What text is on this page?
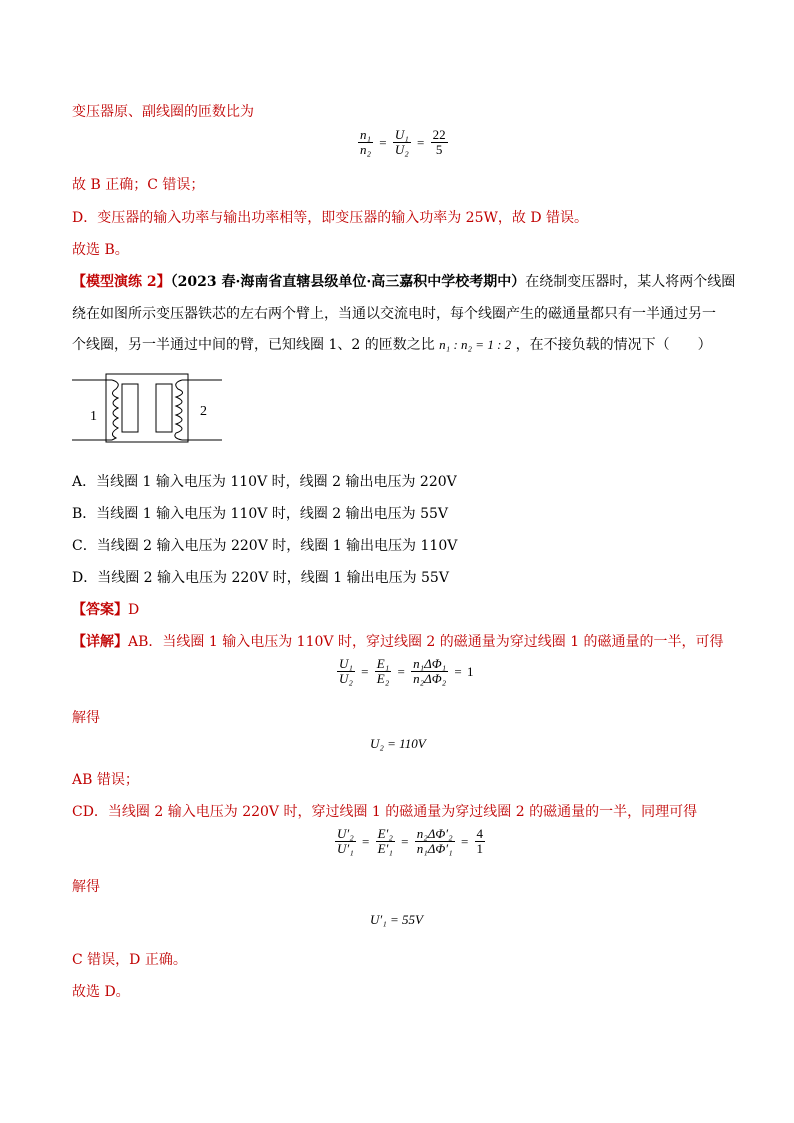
变压器原、副线圈的匝数比为
$\frac{\text{n₁}}{\text{n₂}} = \frac{\text{U₁}}{\text{U₂}} = \frac{22}{5}$
故 B 正确；C 错误；
D．变压器的输入功率与输出功率相等，即变压器的输入功率为 25W，故 D 错误。
故选 B。
【模型演练 2】（2023 春·海南省直辖县级单位·高三嘉积中学校考期中）在绕制变压器时，某人将两个线圈
绕在如图所示变压器铁芯的左右两个臂上，当通以交流电时，每个线圈产生的磁通量都只有一半通过另一
个线圈，另一半通过中间的臂，已知线圈 1、2 的匝数之比 n₁ : n₂ = 1 : 2 ，在不接负载的情况下（　　）
1	2
A．当线圈 1 输入电压为 110V 时，线圈 2 输出电压为 220V
B．当线圈 1 输入电压为 110V 时，线圈 2 输出电压为 55V
C．当线圈 2 输入电压为 220V 时，线圈 1 输出电压为 110V
D．当线圈 2 输入电压为 220V 时，线圈 1 输出电压为 55V
【答案】D
【详解】AB．当线圈 1 输入电压为 110V 时，穿过线圈 2 的磁通量为穿过线圈 1 的磁通量的一半，可得
$\frac{\text{U₁}}{\text{U₂}} = \frac{\text{E₁}}{\text{E₂}} = \frac{\text{n₁ΔΦ₁}}{\text{n₂ΔΦ₂}} = 1$
解得
U₂ = 110V
AB 错误；
CD．当线圈 2 输入电压为 220V 时，穿过线圈 1 的磁通量为穿过线圈 2 的磁通量的一半，同理可得
$\frac{\text{U′₂}}{\text{U′₁}} = \frac{\text{E′₂}}{\text{E′₁}} = \frac{\text{n₂ΔΦ′₂}}{\text{n₁ΔΦ′₁}} = \frac{4}{1}$
解得
U′₁ = 55V
C 错误，D 正确。
故选 D。
